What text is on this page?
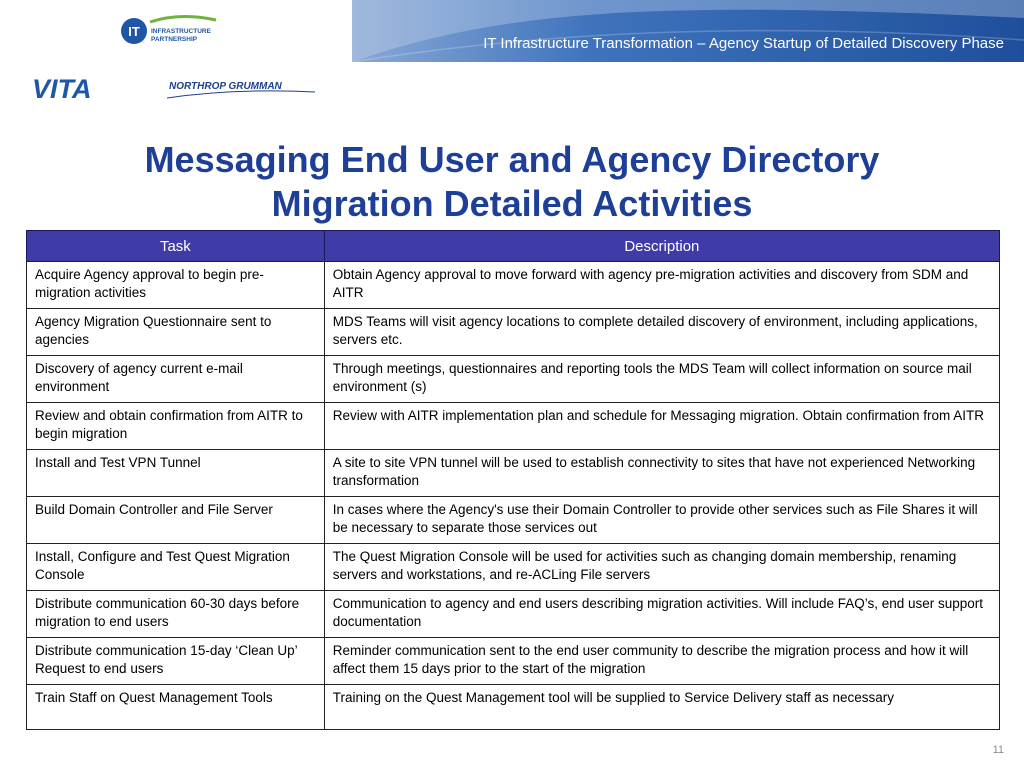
IT Infrastructure Transformation – Agency Startup of Detailed Discovery Phase
IT INFRASTRUCTURE
PARTNERSHIP
VITA	NORTHROP GRUMMAN
Messaging End User and Agency Directory
Migration Detailed Activities
Task	Description
Acquire Agency approval to begin pre-migration activities	Obtain Agency approval to move forward with agency pre-migration activities and discovery from SDM and AITR
Agency Migration Questionnaire sent to agencies	MDS Teams will visit agency locations to complete detailed discovery of environment, including applications, servers etc.
Discovery of agency current e-mail environment	Through meetings, questionnaires and reporting tools the MDS Team will collect information on source mail environment (s)
Review and obtain confirmation from AITR to begin migration	Review with AITR implementation plan and schedule for Messaging migration. Obtain confirmation from AITR
Install and Test VPN Tunnel	A site to site VPN tunnel will be used to establish connectivity to sites that have not experienced Networking transformation
Build Domain Controller and File Server	In cases where the Agency's use their Domain Controller to provide other services such as File Shares it will be necessary to separate those services out
Install, Configure and Test Quest Migration Console	The Quest Migration Console will be used for activities such as changing domain membership, renaming servers and workstations, and re-ACLing File servers
Distribute communication 60-30 days before migration to end users	Communication to agency and end users describing migration activities. Will include FAQ’s, end user support documentation
Distribute communication 15-day ‘Clean Up’ Request to end users	Reminder communication sent to the end user community to describe the migration process and how it will affect them 15 days prior to the start of the migration
Train Staff on Quest Management Tools	Training on the Quest Management tool will be supplied to Service Delivery staff as necessary
11
